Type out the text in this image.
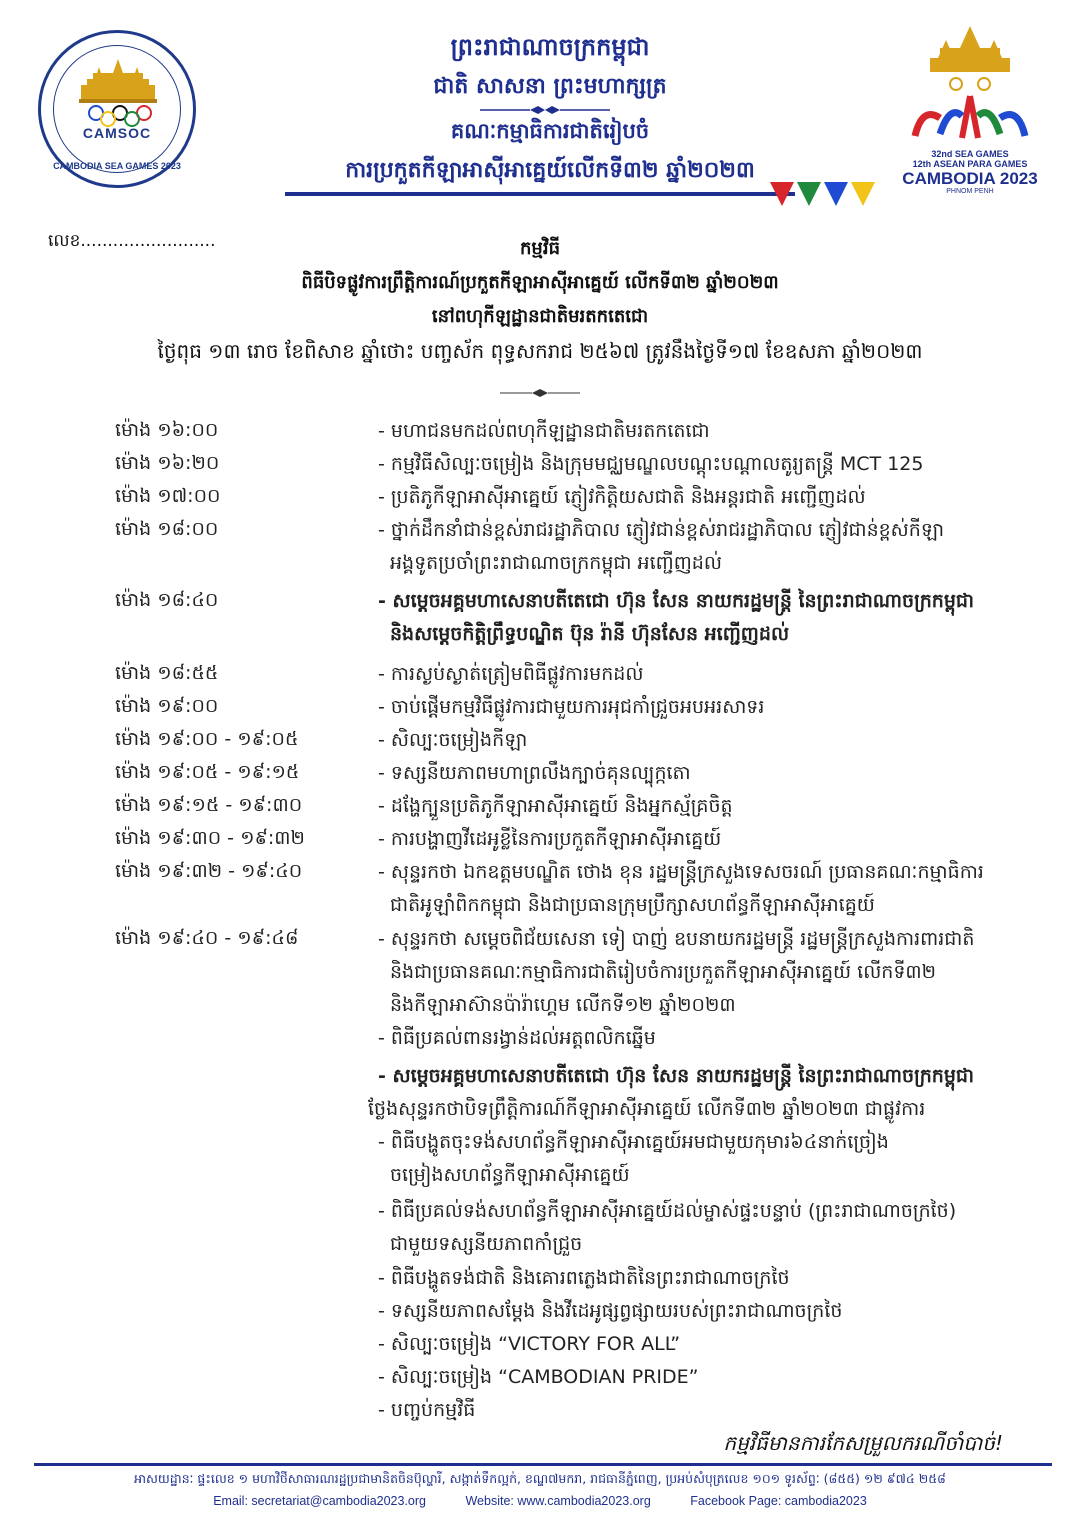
CAMSOC
CAMBODIA SEA GAMES 2023
ព្រះរាជាណាចក្រកម្ពុជា
ជាតិ សាសនា ព្រះមហាក្សត្រ
គណៈកម្មាធិការជាតិរៀបចំ
ការប្រកួតកីឡាអាស៊ីអាគ្នេយ៍លើកទី៣២ ឆ្នាំ២០២៣
32nd SEA GAMES
12th ASEAN PARA GAMES
CAMBODIA 2023
PHNOM PENH
លេខ.........................	កម្មវិធី
ពិធីបិទផ្លូវការព្រឹត្តិការណ៍ប្រកួតកីឡាអាស៊ីអាគ្នេយ៍ លើកទី៣២ ឆ្នាំ២០២៣
នៅពហុកីឡដ្ឋានជាតិមរតកតេជោ
ថ្ងៃពុធ ១៣ រោច ខែពិសាខ ឆ្នាំថោះ បញ្ចស័ក ពុទ្ធសករាជ ២៥៦៧ ត្រូវនឹងថ្ងៃទី១៧ ខែឧសភា ឆ្នាំ២០២៣
ម៉ោង ១៦:០០	- មហាជនមកដល់ពហុកីឡដ្ឋានជាតិមរតកតេជោ
ម៉ោង ១៦:២០	- កម្មវិធីសិល្បៈចម្រៀង និងក្រុមមជ្ឈមណ្ឌលបណ្តុះបណ្តាលតូរ្យតន្រ្តី MCT 125
ម៉ោង ១៧:០០	- ប្រតិភូកីឡាអាស៊ីអាគ្នេយ៍ ភ្ញៀវកិត្តិយសជាតិ និងអន្តរជាតិ អញ្ជើញដល់
ម៉ោង ១៨:០០	- ថ្នាក់ដឹកនាំជាន់ខ្ពស់រាជរដ្ឋាភិបាល ភ្ញៀវជាន់ខ្ពស់រាជរដ្ឋាភិបាល ភ្ញៀវជាន់ខ្ពស់កីឡា
អង្គទូតប្រចាំព្រះរាជាណាចក្រកម្ពុជា អញ្ជើញដល់
ម៉ោង ១៨:៤០	- សម្តេចអគ្គមហាសេនាបតីតេជោ ហ៊ុន សែន នាយករដ្ឋមន្រ្តី នៃព្រះរាជាណាចក្រកម្ពុជា
និងសម្តេចកិត្តិព្រឹទ្ធបណ្ឌិត ប៊ុន រ៉ានី ហ៊ុនសែន អញ្ជើញដល់
ម៉ោង ១៨:៥៥	- ការស្ងប់ស្ងាត់ត្រៀមពិធីផ្លូវការមកដល់
ម៉ោង ១៩:០០	- ចាប់ផ្តើមកម្មវិធីផ្លូវការជាមួយការអុជកាំជ្រួចអបអរសាទរ
ម៉ោង ១៩:០០ - ១៩:០៥	- សិល្បៈចម្រៀងកីឡា
ម៉ោង ១៩:០៥ - ១៩:១៥	- ទស្សនីយភាពមហាព្រលឹងក្បាច់គុនល្បុក្កតោ
ម៉ោង ១៩:១៥ - ១៩:៣០	- ដង្ហែក្បួនប្រតិភូកីឡាអាស៊ីអាគ្នេយ៍ និងអ្នកស្ម័គ្រចិត្ត
ម៉ោង ១៩:៣០ - ១៩:៣២	- ការបង្ហាញវីដេអូខ្លីនៃការប្រកួតកីឡាអាស៊ីអាគ្នេយ៍
ម៉ោង ១៩:៣២ - ១៩:៤០	- សុន្ទរកថា ឯកឧត្តមបណ្ឌិត ថោង ខុន រដ្ឋមន្រ្តីក្រសួងទេសចរណ៍ ប្រធានគណៈកម្មាធិការ
ជាតិអូឡាំពិកកម្ពុជា និងជាប្រធានក្រុមប្រឹក្សាសហព័ន្ធកីឡាអាស៊ីអាគ្នេយ៍
ម៉ោង ១៩:៤០ - ១៩:៤៨	- សុន្ទរកថា សម្តេចពិជ័យសេនា ទៀ បាញ់ ឧបនាយករដ្ឋមន្រ្តី រដ្ឋមន្រ្តីក្រសួងការពារជាតិ
និងជាប្រធានគណៈកម្មាធិការជាតិរៀបចំការប្រកួតកីឡាអាស៊ីអាគ្នេយ៍ លើកទី៣២
និងកីឡាអាស៊ានប៉ារ៉ាហ្គេម លើកទី១២ ឆ្នាំ២០២៣
- ពិធីប្រគល់ពានរង្វាន់ដល់អត្តពលិកឆ្នើម
- សម្តេចអគ្គមហាសេនាបតីតេជោ ហ៊ុន សែន នាយករដ្ឋមន្រ្តី នៃព្រះរាជាណាចក្រកម្ពុជា
ថ្លែងសុន្ទរកថាបិទព្រឹត្តិការណ៍កីឡាអាស៊ីអាគ្នេយ៍ លើកទី៣២ ឆ្នាំ២០២៣ ជាផ្លូវការ
- ពិធីបង្ហូតចុះទង់សហព័ន្ធកីឡាអាស៊ីអាគ្នេយ៍អមជាមួយកុមារ៦៤នាក់ច្រៀង
ចម្រៀងសហព័ន្ធកីឡាអាស៊ីអាគ្នេយ៍
- ពិធីប្រគល់ទង់សហព័ន្ធកីឡាអាស៊ីអាគ្នេយ៍ដល់ម្ចាស់ផ្ទះបន្ទាប់ (ព្រះរាជាណាចក្រថៃ)
ជាមួយទស្សនីយភាពកាំជ្រួច
- ពិធីបង្ហូតទង់ជាតិ និងគោរពភ្លេងជាតិនៃព្រះរាជាណាចក្រថៃ
- ទស្សនីយភាពសម្តែង និងវីដេអូផ្សព្វផ្សាយរបស់ព្រះរាជាណាចក្រថៃ
- សិល្បៈចម្រៀង “VICTORY FOR ALL”
- សិល្បៈចម្រៀង “CAMBODIAN PRIDE”
- បញ្ចប់កម្មវិធី
កម្មវិធីមានការកែសម្រួលករណីចាំបាច់!
អាសយដ្ឋានៈ ផ្ទះលេខ ១ មហាវិថីសាធារណរដ្ឋប្រជាមានិតចិនប៊ុល្ហារី, សង្កាត់ទឹកល្អក់, ខណ្ឌ៧មករា, រាជធានីភ្នំពេញ, ប្រអប់សំបុត្រលេខ ១០១ ទូរស័ព្ទៈ (៨៥៥) ១២ ៩៧៤ ២៥៨
Email: secretariat@cambodia2023.org	Website: www.cambodia2023.org	Facebook Page: cambodia2023
